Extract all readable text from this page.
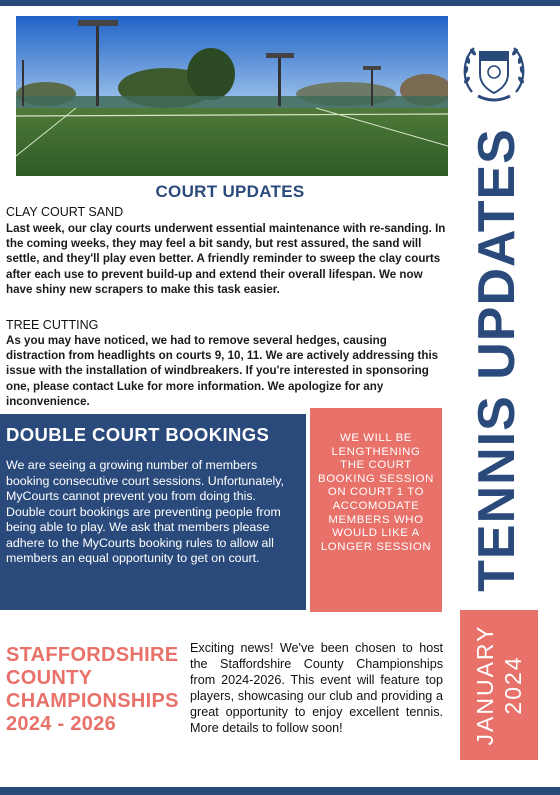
TENNIS UPDATES
JANUARY 2024
COURT UPDATES
CLAY COURT SAND
Last week, our clay courts underwent essential maintenance with re-sanding. In the coming weeks, they may feel a bit sandy, but rest assured, the sand will settle, and they'll play even better. A friendly reminder to sweep the clay courts after each use to prevent build-up and extend their overall lifespan. We now have shiny new scrapers to make this task easier.
TREE CUTTING
As you may have noticed, we had to remove several hedges, causing distraction from headlights on courts 9, 10, 11. We are actively addressing this issue with the installation of windbreakers. If you're interested in sponsoring one, please contact Luke for more information. We apologize for any inconvenience.
DOUBLE COURT BOOKINGS
We are seeing a growing number of members booking consecutive court sessions. Unfortunately, MyCourts cannot prevent you from doing this. Double court bookings are preventing people from being able to play. We ask that members please adhere to the MyCourts booking rules to allow all members an equal opportunity to get on court.
WE WILL BE LENGTHENING THE COURT BOOKING SESSION ON COURT 1 TO ACCOMODATE MEMBERS WHO WOULD LIKE A LONGER SESSION
STAFFORDSHIRE COUNTY CHAMPIONSHIPS 2024 - 2026
Exciting news! We've been chosen to host the Staffordshire County Championships from 2024-2026. This event will feature top players, showcasing our club and providing a great opportunity to enjoy excellent tennis. More details to follow soon!
